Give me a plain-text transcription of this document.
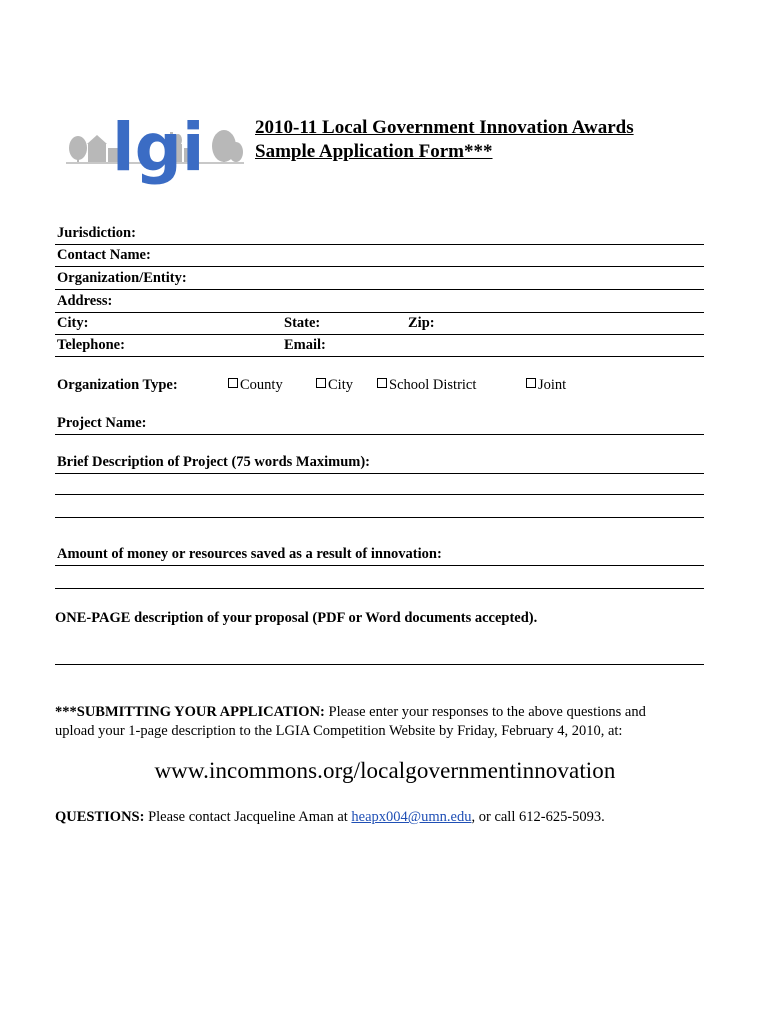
lgi	2010-11 Local Government Innovation Awards
Sample Application Form***
Jurisdiction:
Contact Name:
Organization/Entity:
Address:
City:	State:	Zip:
Telephone:	Email:
Organization Type:	County	City	School District	Joint
Project Name:
Brief Description of Project (75 words Maximum):
Amount of money or resources saved as a result of innovation:
ONE-PAGE description of your proposal (PDF or Word documents accepted).
***SUBMITTING YOUR APPLICATION: Please enter your responses to the above questions and
upload your 1-page description to the LGIA Competition Website by Friday, February 4, 2010, at:
www.incommons.org/localgovernmentinnovation
QUESTIONS: Please contact Jacqueline Aman at heapx004@umn.edu, or call 612-625-5093.
